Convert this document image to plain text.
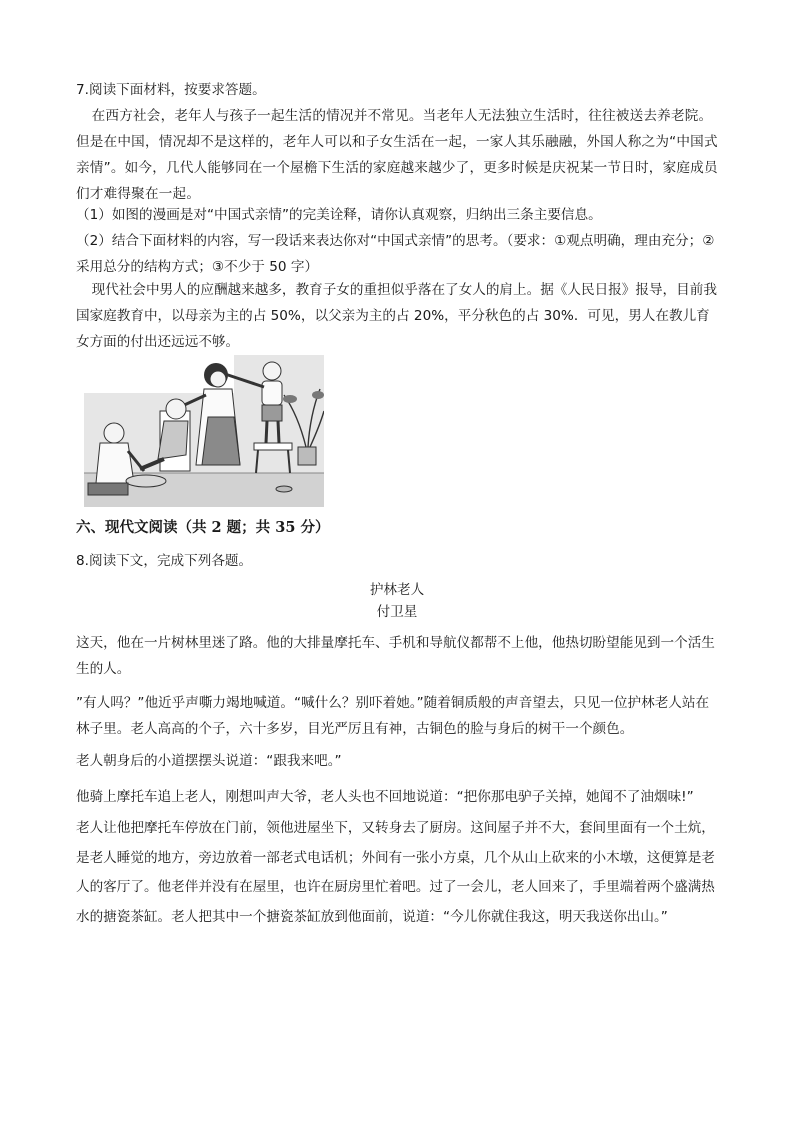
7.阅读下面材料，按要求答题。

在西方社会，老年人与孩子一起生活的情况并不常见。当老年人无法独立生活时，往往被送去养老院。但是在中国，情况却不是这样的，老年人可以和子女生活在一起，一家人其乐融融，外国人称之为“中国式亲情”。如今，几代人能够同在一个屋檐下生活的家庭越来越少了，更多时候是庆祝某一节日时，家庭成员们才难得聚在一起。

（1）如图的漫画是对“中国式亲情”的完美诠释，请你认真观察，归纳出三条主要信息。

（2）结合下面材料的内容，写一段话来表达你对“中国式亲情”的思考。（要求：①观点明确，理由充分；②采用总分的结构方式；③不少于 50 字）

现代社会中男人的应酬越来越多，教育子女的重担似乎落在了女人的肩上。据《人民日报》报导，目前我国家庭教育中，以母亲为主的占 50%，以父亲为主的占 20%，平分秋色的占 30%．可见，男人在教儿育女方面的付出还远远不够。

六、现代文阅读（共 2 题；共 35 分）

8.阅读下文，完成下列各题。

护林老人

付卫星

这天，他在一片树林里迷了路。他的大排量摩托车、手机和导航仪都帮不上他，他热切盼望能见到一个活生生的人。

”有人吗？”他近乎声嘶力竭地喊道。“喊什么？别吓着她。”随着铜质般的声音望去，只见一位护林老人站在林子里。老人高高的个子，六十多岁，目光严厉且有神，古铜色的脸与身后的树干一个颜色。

老人朝身后的小道摆摆头说道：“跟我来吧。”

他骑上摩托车追上老人，刚想叫声大爷，老人头也不回地说道：“把你那电驴子关掉，她闻不了油烟味!”

老人让他把摩托车停放在门前，领他进屋坐下，又转身去了厨房。这间屋子并不大，套间里面有一个土炕，是老人睡觉的地方，旁边放着一部老式电话机；外间有一张小方桌，几个从山上砍来的小木墩，这便算是老人的客厅了。他老伴并没有在屋里，也许在厨房里忙着吧。过了一会儿，老人回来了，手里端着两个盛满热水的搪瓷茶缸。老人把其中一个搪瓷茶缸放到他面前，说道：“今儿你就住我这，明天我送你出山。”
